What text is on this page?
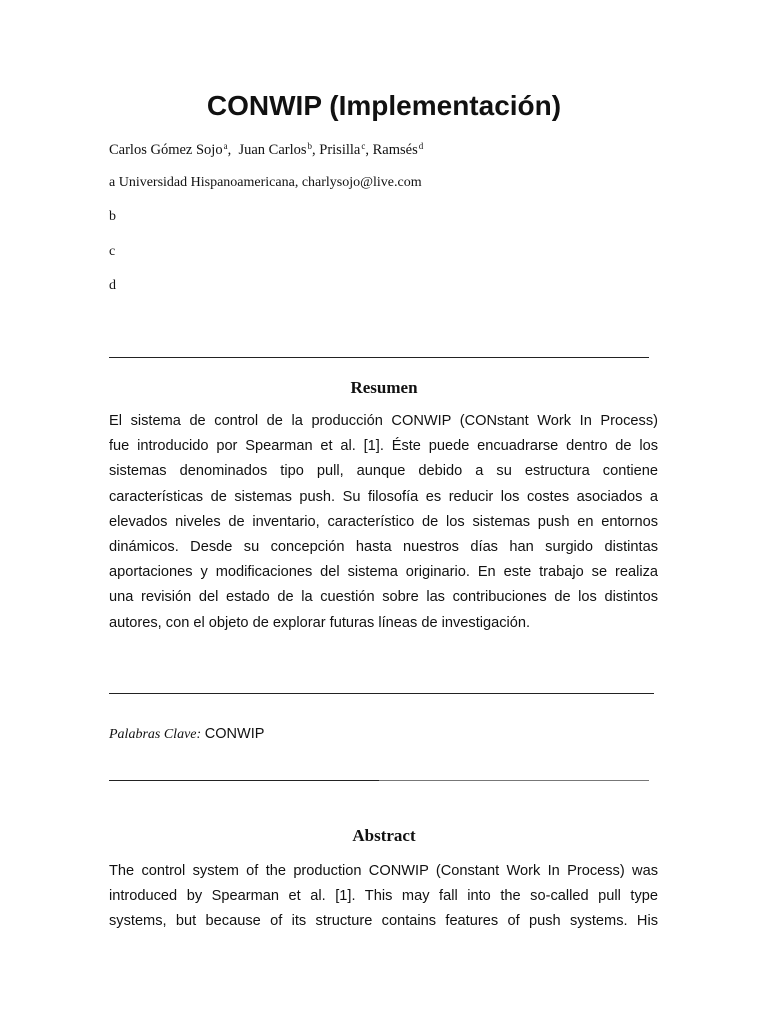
CONWIP (Implementación)
Carlos Gómez Sojo$^a$,  Juan Carlos$^b$, Prisilla$^c$, Ramsés$^d$
a Universidad Hispanoamericana, charlysojo@live.com
b
c
d
Resumen
El sistema de control de la producción CONWIP (CONstant Work In Process)
fue introducido por Spearman et al. [1]. Éste puede encuadrarse dentro de los
sistemas denominados tipo pull, aunque debido a su estructura contiene
características de sistemas push. Su filosofía es reducir los costes asociados a
elevados niveles de inventario, característico de los sistemas push en entornos
dinámicos. Desde su concepción hasta nuestros días han surgido distintas
aportaciones y modificaciones del sistema originario. En este trabajo se realiza
una revisión del estado de la cuestión sobre las contribuciones de los distintos
autores, con el objeto de explorar futuras líneas de investigación.
Palabras Clave: CONWIP
Abstract
The control system of the production CONWIP (Constant Work In Process) was
introduced by Spearman et al. [1]. This may fall into the so-called pull type
systems, but because of its structure contains features of push systems. His
